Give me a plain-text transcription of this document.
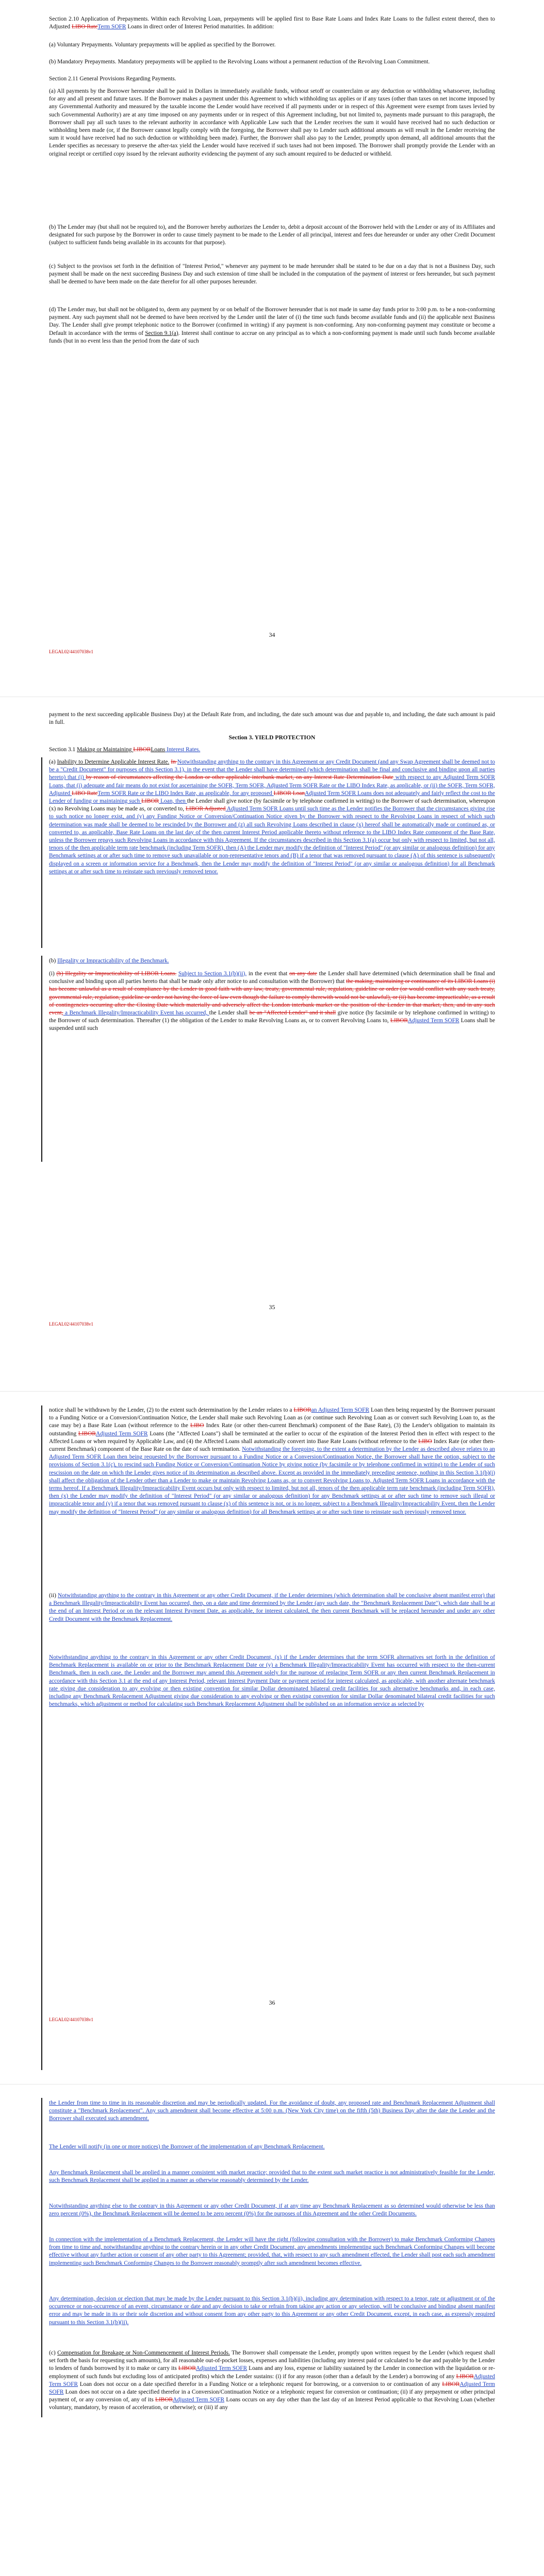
Section 2.10 Application of Prepayments. Within each Revolving Loan, prepayments will be applied first to Base Rate Loans and Index Rate Loans to the fullest extent thereof, then to Adjusted LIBO RateTerm SOFR Loans in direct order of Interest Period maturities. In addition:

(a) Voluntary Prepayments. Voluntary prepayments will be applied as specified by the Borrower.

(b) Mandatory Prepayments. Mandatory prepayments will be applied to the Revolving Loans without a permanent reduction of the Revolving Loan Commitment.

Section 2.11 General Provisions Regarding Payments.

(a) All payments by the Borrower hereunder shall be paid in Dollars in immediately available funds, without setoff or counterclaim or any deduction or withholding whatsoever, including for any and all present and future taxes. If the Borrower makes a payment under this Agreement to which withholding tax applies or if any taxes (other than taxes on net income imposed by any Governmental Authority and measured by the taxable income the Lender would have received if all payments under or in respect of this Agreement were exempt from taxes levied by such Governmental Authority) are at any time imposed on any payments under or in respect of this Agreement including, but not limited to, payments made pursuant to this paragraph, the Borrower shall pay all such taxes to the relevant authority in accordance with Applicable Law such that the Lender receives the sum it would have received had no such deduction or withholding been made (or, if the Borrower cannot legally comply with the foregoing, the Borrower shall pay to Lender such additional amounts as will result in the Lender receiving the sum it would have received had no such deduction or withholding been made). Further, the Borrower shall also pay to the Lender, promptly upon demand, all additional amounts that the Lender specifies as necessary to preserve the after-tax yield the Lender would have received if such taxes had not been imposed. The Borrower shall promptly provide the Lender with an original receipt or certified copy issued by the relevant authority evidencing the payment of any such amount required to be deducted or withheld.

(b) The Lender may (but shall not be required to), and the Borrower hereby authorizes the Lender to, debit a deposit account of the Borrower held with the Lender or any of its Affiliates and designated for such purpose by the Borrower in order to cause timely payment to be made to the Lender of all principal, interest and fees due hereunder or under any other Credit Document (subject to sufficient funds being available in its accounts for that purpose).

(c) Subject to the provisos set forth in the definition of "Interest Period," whenever any payment to be made hereunder shall be stated to be due on a day that is not a Business Day, such payment shall be made on the next succeeding Business Day and such extension of time shall be included in the computation of the payment of interest or fees hereunder, but such payment shall be deemed to have been made on the date therefor for all other purposes hereunder.

(d) The Lender may, but shall not be obligated to, deem any payment by or on behalf of the Borrower hereunder that is not made in same day funds prior to 3:00 p.m. to be a non-conforming payment. Any such payment shall not be deemed to have been received by the Lender until the later of (i) the time such funds become available funds and (ii) the applicable next Business Day. The Lender shall give prompt telephonic notice to the Borrower (confirmed in writing) if any payment is non-conforming. Any non-conforming payment may constitute or become a Default in accordance with the terms of Section 9.1(a). Interest shall continue to accrue on any principal as to which a non-conforming payment is made until such funds become available funds (but in no event less than the period from the date of such

34

LEGAL02/44107038v1

payment to the next succeeding applicable Business Day) at the Default Rate from, and including, the date such amount was due and payable to, and including, the date such amount is paid in full.

Section 3. YIELD PROTECTION

Section 3.1 Making or Maintaining LIBORLoans Interest Rates.

(a) Inability to Determine Applicable Interest Rate. In Notwithstanding anything to the contrary in this Agreement or any Credit Document (and any Swap Agreement shall be deemed not to be a "Credit Document" for purposes of this Section 3.1), in the event that the Lender shall have determined (which determination shall be final and conclusive and binding upon all parties hereto) that (i) by reason of circumstances affecting the London or other applicable interbank market, on any Interest Rate Determination Date with respect to any Adjusted Term SOFR Loans, that (i) adequate and fair means do not exist for ascertaining the SOFR, Term SOFR, Adjusted Term SOFR Rate or the LIBO Index Rate, as applicable, or (ii) the SOFR, Term SOFR, Adjusted LIBO RateTerm SOFR Rate or the LIBO Index Rate, as applicable, for any proposed LIBOR LoanAdjusted Term SOFR Loans does not adequately and fairly reflect the cost to the Lender of funding or maintaining such LIBOR Loan, then the Lender shall give notice (by facsimile or by telephone confirmed in writing) to the Borrower of such determination, whereupon (x) no Revolving Loans may be made as, or converted to, LIBOR Adjusted Adjusted Term SOFR Loans until such time as the Lender notifies the Borrower that the circumstances giving rise to such notice no longer exist, and (y) any Funding Notice or Conversion/Continuation Notice given by the Borrower with respect to the Revolving Loans in respect of which such determination was made shall be deemed to be rescinded by the Borrower and (z) all such Revolving Loans described in clause (x) hereof shall be automatically made or continued as, or converted to, as applicable, Base Rate Loans on the last day of the then current Interest Period applicable thereto without reference to the LIBO Index Rate component of the Base Rate, unless the Borrower repays such Revolving Loans in accordance with this Agreement. If the circumstances described in this Section 3.1(a) occur but only with respect to limited, but not all, tenors of the then applicable term rate benchmark (including Term SOFR), then (A) the Lender may modify the definition of "Interest Period" (or any similar or analogous definition) for any Benchmark settings at or after such time to remove such unavailable or non-representative tenors and (B) if a tenor that was removed pursuant to clause (A) of this sentence is subsequently displayed on a screen or information service for a Benchmark, then the Lender may modify the definition of "Interest Period" (or any similar or analogous definition) for all Benchmark settings at or after such time to reinstate such previously removed tenor.

(b) Illegality or Impracticability of the Benchmark.

(i) (b) Illegality or Impracticability of LIBOR Loans. Subject to Section 3.1(b)(ii), in the event that on any date the Lender shall have determined (which determination shall be final and conclusive and binding upon all parties hereto that shall be made only after notice to and consultation with the Borrower) that the making, maintaining or continuance of its LIBOR Loans (i) has become unlawful as a result of compliance by the Lender in good faith with any law, treaty, governmental rule, regulation, guideline or order (or would conflict with any such treaty, governmental rule, regulation, guideline or order not having the force of law even though the failure to comply therewith would not be unlawful), or (ii) has become impracticable, as a result of contingencies occurring after the Closing Date which materially and adversely affect the London interbank market or the position of the Lender in that market, then, and in any such event, a Benchmark Illegality/Impracticability Event has occurred, the Lender shall be an "Affected Lender" and it shall give notice (by facsimile or by telephone confirmed in writing) to the Borrower of such determination. Thereafter (1) the obligation of the Lender to make Revolving Loans as, or to convert Revolving Loans to, LIBORAdjusted Term SOFR Loans shall be suspended until such

35

LEGAL02/44107038v1

notice shall be withdrawn by the Lender, (2) to the extent such determination by the Lender relates to a LIBORan Adjusted Term SOFR Loan then being requested by the Borrower pursuant to a Funding Notice or a Conversion/Continuation Notice, the Lender shall make such Revolving Loan as (or continue such Revolving Loan as or convert such Revolving Loan to, as the case may be) a Base Rate Loan (without reference to the LIBO Index Rate (or other then-current Benchmark) component of the Base Rate), (3) the Lender's obligation to maintain its outstanding LIBORAdjusted Term SOFR Loans (the "Affected Loans") shall be terminated at the earlier to occur of the expiration of the Interest Period then in effect with respect to the Affected Loans or when required by Applicable Law, and (4) the Affected Loans shall automatically convert into Base Rate Loans (without reference to the LIBO Index Rate (or other then-current Benchmark) component of the Base Rate on the date of such termination. Notwithstanding the foregoing, to the extent a determination by the Lender as described above relates to an Adjusted Term SOFR Loan then being requested by the Borrower pursuant to a Funding Notice or a Conversion/Continuation Notice, the Borrower shall have the option, subject to the provisions of Section 3.1(c), to rescind such Funding Notice or Conversion/Continuation Notice by giving notice (by facsimile or by telephone confirmed in writing) to the Lender of such rescission on the date on which the Lender gives notice of its determination as described above. Except as provided in the immediately preceding sentence, nothing in this Section 3.1(b)(i) shall affect the obligation of the Lender other than a Lender to make or maintain Revolving Loans as, or to convert Revolving Loans to, Adjusted Term SOFR Loans in accordance with the terms hereof. If a Benchmark Illegality/Impracticability Event occurs but only with respect to limited, but not all, tenors of the then applicable term rate benchmark (including Term SOFR), then (x) the Lender may modify the definition of "Interest Period" (or any similar or analogous definition) for any Benchmark settings at or after such time to remove such illegal or impracticable tenor and (y) if a tenor that was removed pursuant to clause (x) of this sentence is not, or is no longer, subject to a Benchmark Illegality/Impracticability Event, then the Lender may modify the definition of "Interest Period" (or any similar or analogous definition) for all Benchmark settings at or after such time to reinstate such previously removed tenor.

(ii) Notwithstanding anything to the contrary in this Agreement or any other Credit Document, if the Lender determines (which determination shall be conclusive absent manifest error) that a Benchmark Illegality/Impracticability Event has occurred, then, on a date and time determined by the Lender (any such date, the "Benchmark Replacement Date"), which date shall be at the end of an Interest Period or on the relevant Interest Payment Date, as applicable, for interest calculated, the then current Benchmark will be replaced hereunder and under any other Credit Document with the Benchmark Replacement.

Notwithstanding anything to the contrary in this Agreement or any other Credit Document, (x) if the Lender determines that the term SOFR alternatives set forth in the definition of Benchmark Replacement is available on or prior to the Benchmark Replacement Date or (y) a Benchmark Illegality/Impracticability Event has occurred with respect to the then-current Benchmark, then in each case, the Lender and the Borrower may amend this Agreement solely for the purpose of replacing Term SOFR or any then current Benchmark Replacement in accordance with this Section 3.1 at the end of any Interest Period, relevant Interest Payment Date or payment period for interest calculated, as applicable, with another alternate benchmark rate giving due consideration to any evolving or then existing convention for similar Dollar denominated bilateral credit facilities for such alternative benchmarks and, in each case, including any Benchmark Replacement Adjustment giving due consideration to any evolving or then existing convention for similar Dollar denominated bilateral credit facilities for such benchmarks, which adjustment or method for calculating such Benchmark Replacement Adjustment shall be published on an information service as selected by

36

LEGAL02/44107038v1

the Lender from time to time in its reasonable discretion and may be periodically updated. For the avoidance of doubt, any proposed rate and Benchmark Replacement Adjustment shall constitute a "Benchmark Replacement". Any such amendment shall become effective at 5:00 p.m. (New York City time) on the fifth (5th) Business Day after the date the Lender and the Borrower shall executed such amendment.

The Lender will notify (in one or more notices) the Borrower of the implementation of any Benchmark Replacement.

Any Benchmark Replacement shall be applied in a manner consistent with market practice; provided that to the extent such market practice is not administratively feasible for the Lender, such Benchmark Replacement shall be applied in a manner as otherwise reasonably determined by the Lender.

Notwithstanding anything else to the contrary in this Agreement or any other Credit Document, if at any time any Benchmark Replacement as so determined would otherwise be less than zero percent (0%), the Benchmark Replacement will be deemed to be zero percent (0%) for the purposes of this Agreement and the other Credit Documents.

In connection with the implementation of a Benchmark Replacement, the Lender will have the right (following consultation with the Borrower) to make Benchmark Conforming Changes from time to time and, notwithstanding anything to the contrary herein or in any other Credit Document, any amendments implementing such Benchmark Conforming Changes will become effective without any further action or consent of any other party to this Agreement; provided, that, with respect to any such amendment effected, the Lender shall post each such amendment implementing such Benchmark Conforming Changes to the Borrower reasonably promptly after such amendment becomes effective.

Any determination, decision or election that may be made by the Lender pursuant to this Section 3.1(b)(ii), including any determination with respect to a tenor, rate or adjustment or of the occurrence or non-occurrence of an event, circumstance or date and any decision to take or refrain from taking any action or any selection, will be conclusive and binding absent manifest error and may be made in its or their sole discretion and without consent from any other party to this Agreement or any other Credit Document, except, in each case, as expressly required pursuant to this Section 3.1(b)(ii).

(c) Compensation for Breakage or Non-Commencement of Interest Periods. The Borrower shall compensate the Lender, promptly upon written request by the Lender (which request shall set forth the basis for requesting such amounts), for all reasonable out-of-pocket losses, expenses and liabilities (including any interest paid or calculated to be due and payable by the Lender to lenders of funds borrowed by it to make or carry its LIBORAdjusted Term SOFR Loans and any loss, expense or liability sustained by the Lender in connection with the liquidation or re-employment of such funds but excluding loss of anticipated profits) which the Lender sustains: (i) if for any reason (other than a default by the Lender) a borrowing of any LIBORAdjusted Term SOFR Loan does not occur on a date specified therefor in a Funding Notice or a telephonic request for borrowing, or a conversion to or continuation of any LIBORAdjusted Term SOFR Loan does not occur on a date specified therefor in a Conversion/Continuation Notice or a telephonic request for conversion or continuation; (ii) if any prepayment or other principal payment of, or any conversion of, any of its LIBORAdjusted Term SOFR Loans occurs on any day other than the last day of an Interest Period applicable to that Revolving Loan (whether voluntary, mandatory, by reason of acceleration, or otherwise); or (iii) if any
